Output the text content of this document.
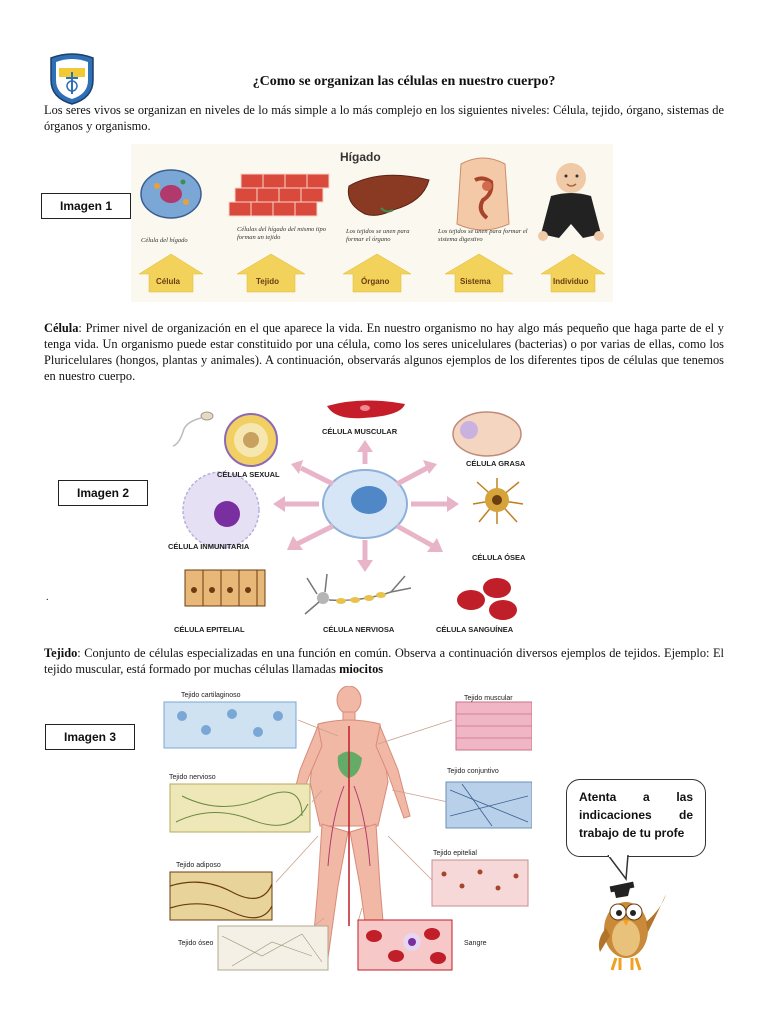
¿Como se organizan las células en nuestro cuerpo?
Los seres vivos se organizan en niveles de lo más simple a lo más complejo en los siguientes niveles: Célula, tejido, órgano, sistemas de órganos y organismo.
Imagen 1
Hígado
Célula del hígado
Células del hígado del mismo tipo forman un tejido
Los tejidos se unen para formar el órgano
Los tejidos se unen para formar el sistema digestivo
Célula	Tejido	Órgano	Sistema	Individuo
Célula: Primer nivel de organización en el que aparece la vida. En nuestro organismo no hay algo más pequeño que haga parte de el y tenga vida. Un organismo puede estar constituido por una célula, como los seres unicelulares (bacterias) o por varias de ellas, como los Pluricelulares (hongos, plantas y animales). A continuación, observarás algunos ejemplos de los diferentes tipos de células que tenemos en nuestro cuerpo.
Imagen 2
.
CÉLULA SEXUAL
CÉLULA MUSCULAR
CÉLULA GRASA
CÉLULA INMUNITARIA
CÉLULA ÓSEA
CÉLULA EPITELIAL	CÉLULA NERVIOSA	CÉLULA SANGUÍNEA
Tejido: Conjunto de células especializadas en una función en común. Observa a continuación diversos ejemplos de tejidos. Ejemplo: El tejido muscular, está formado por muchas células llamadas miocitos
Imagen 3
Tejido cartilaginoso	Tejido muscular
Tejido nervioso
Tejido conjuntivo
Tejido adiposo
Tejido epitelial
Tejido óseo	Sangre
Atenta a las
indicaciones de
trabajo de tu profe
